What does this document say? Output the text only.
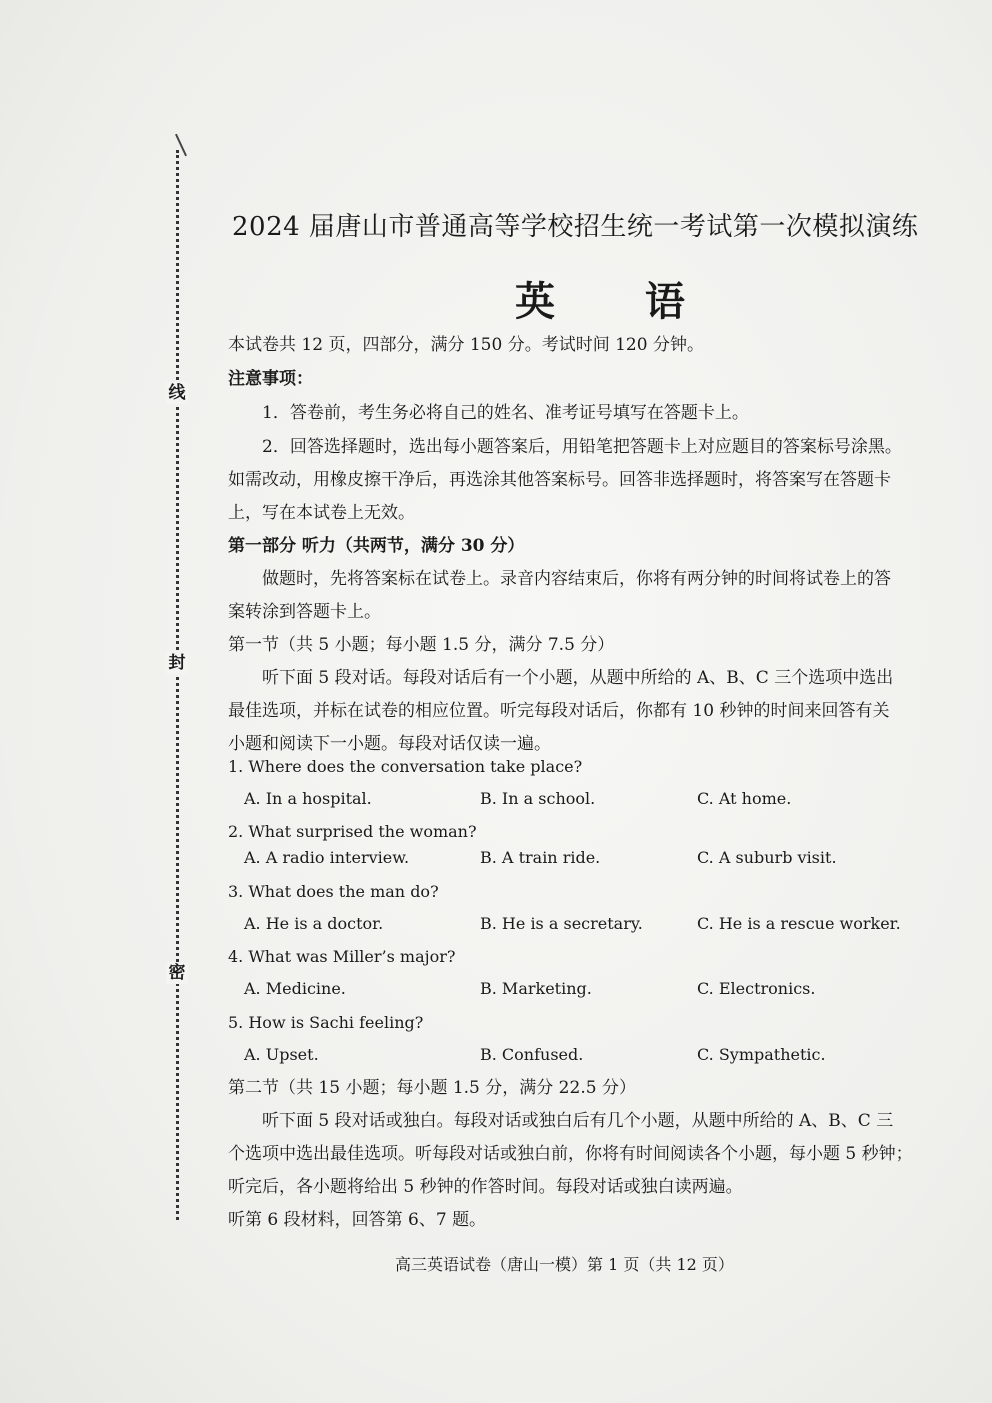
线
封
密
2024 届唐山市普通高等学校招生统一考试第一次模拟演练
英 语
本试卷共 12 页，四部分，满分 150 分。考试时间 120 分钟。
注意事项：
1．答卷前，考生务必将自己的姓名、准考证号填写在答题卡上。
2．回答选择题时，选出每小题答案后，用铅笔把答题卡上对应题目的答案标号涂黑。
如需改动，用橡皮擦干净后，再选涂其他答案标号。回答非选择题时，将答案写在答题卡
上，写在本试卷上无效。
第一部分 听力（共两节，满分 30 分）
做题时，先将答案标在试卷上。录音内容结束后，你将有两分钟的时间将试卷上的答
案转涂到答题卡上。
第一节（共 5 小题；每小题 1.5 分，满分 7.5 分）
听下面 5 段对话。每段对话后有一个小题，从题中所给的 A、B、C 三个选项中选出
最佳选项，并标在试卷的相应位置。听完每段对话后，你都有 10 秒钟的时间来回答有关
小题和阅读下一小题。每段对话仅读一遍。
1. Where does the conversation take place?
A. In a hospital.	B. In a school.	C. At home.
2. What surprised the woman?
A. A radio interview.	B. A train ride.	C. A suburb visit.
3. What does the man do?
A. He is a doctor.	B. He is a secretary.	C. He is a rescue worker.
4. What was Miller’s major?
A. Medicine.	B. Marketing.	C. Electronics.
5. How is Sachi feeling?
A. Upset.	B. Confused.	C. Sympathetic.
第二节（共 15 小题；每小题 1.5 分，满分 22.5 分）
听下面 5 段对话或独白。每段对话或独白后有几个小题，从题中所给的 A、B、C 三
个选项中选出最佳选项。听每段对话或独白前，你将有时间阅读各个小题，每小题 5 秒钟；
听完后，各小题将给出 5 秒钟的作答时间。每段对话或独白读两遍。
听第 6 段材料，回答第 6、7 题。
高三英语试卷（唐山一模）第 1 页（共 12 页）
